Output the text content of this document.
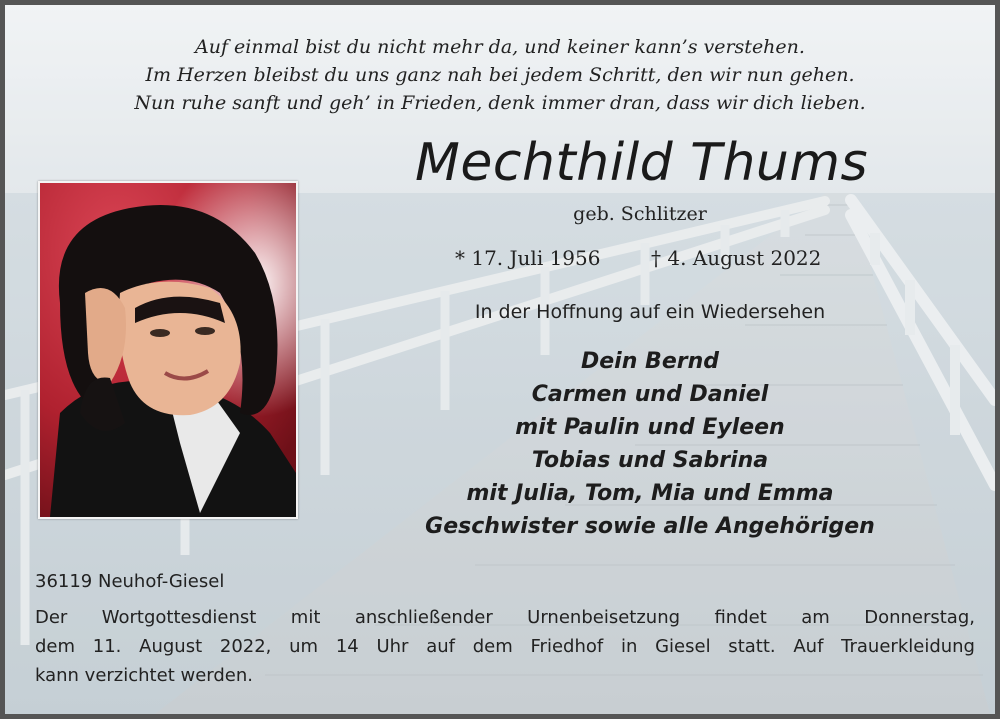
Auf einmal bist du nicht mehr da, und keiner kann’s verstehen.
Im Herzen bleibst du uns ganz nah bei jedem Schritt, den wir nun gehen.
Nun ruhe sanft und geh’ in Frieden, denk immer dran, dass wir dich lieben.
Mechthild Thums
geb. Schlitzer
* 17. Juli 1956	† 4. August 2022
In der Hoffnung auf ein Wiedersehen
Dein Bernd
Carmen und Daniel
mit Paulin und Eyleen
Tobias und Sabrina
mit Julia, Tom, Mia und Emma
Geschwister sowie alle Angehörigen
36119 Neuhof-Giesel
Der Wortgottesdienst mit anschließender Urnenbeisetzung findet am Donnerstag,
dem 11. August 2022, um 14 Uhr auf dem Friedhof in Giesel statt. Auf Trauerkleidung
kann verzichtet werden.
